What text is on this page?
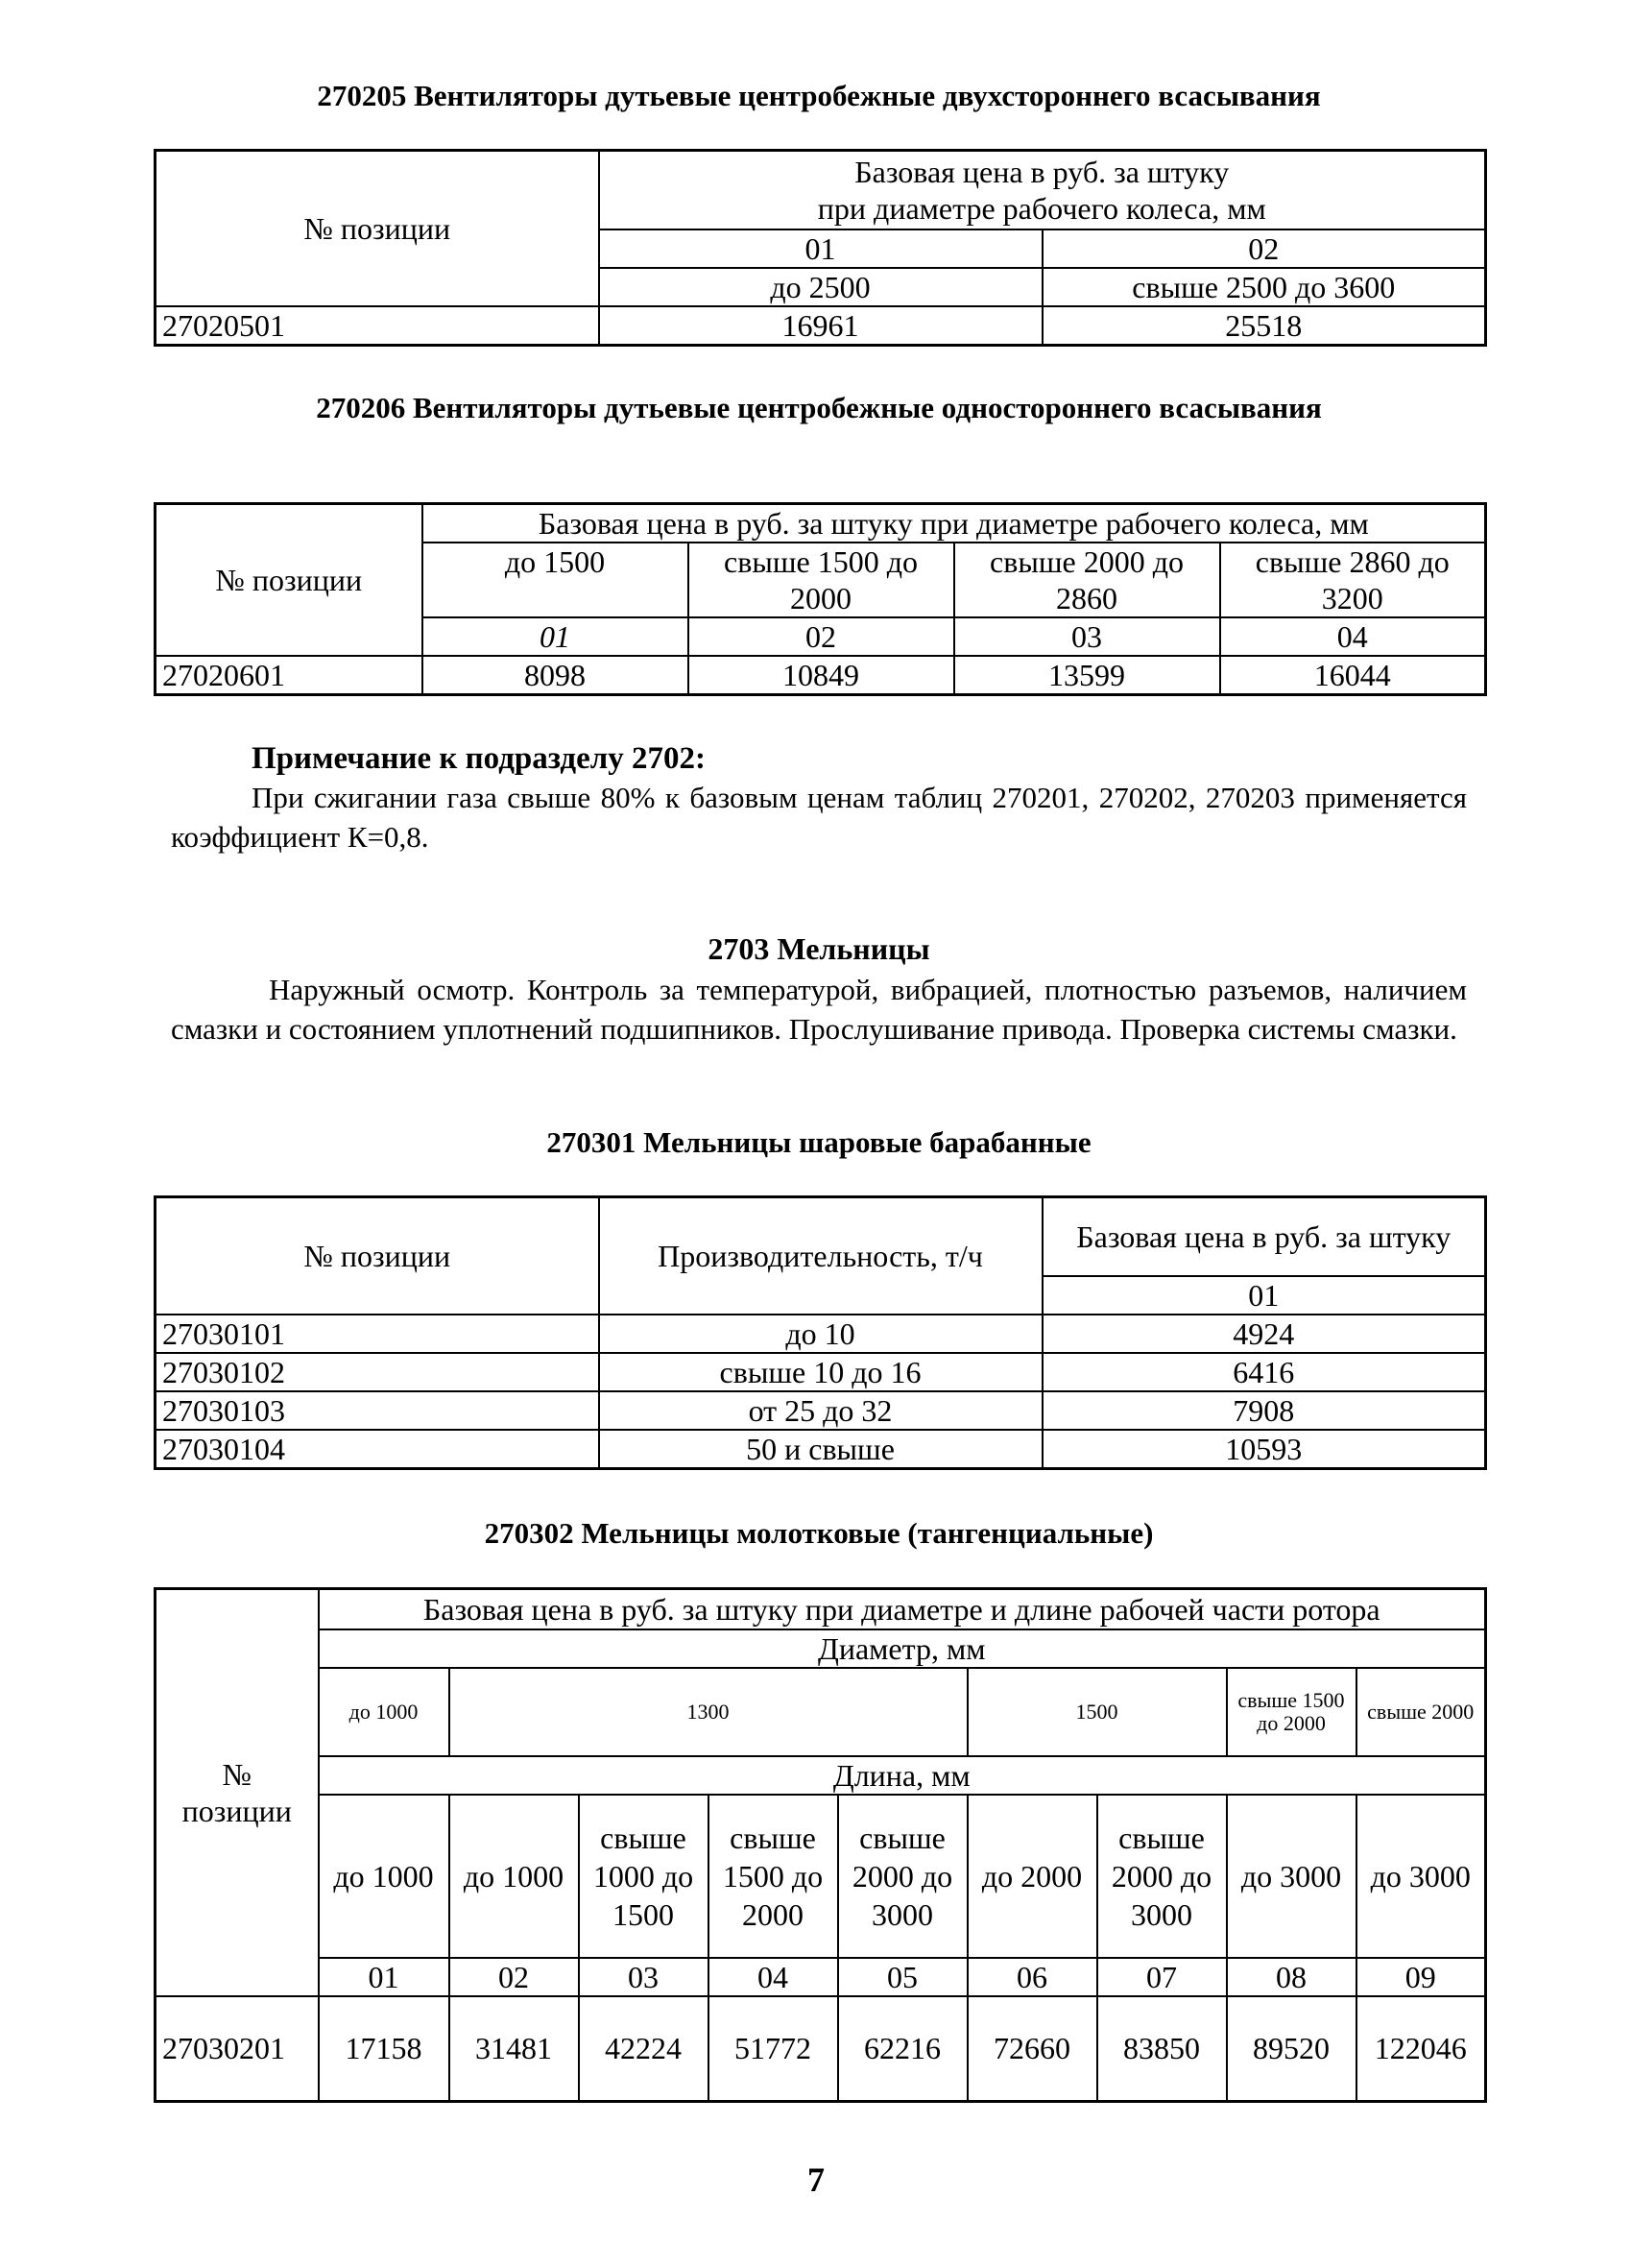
270205 Вентиляторы дутьевые центробежные двухстороннего всасывания
№ позиции	Базовая цена в руб. за штуку
при диаметре рабочего колеса, мм	
	01	02
	до 2500	свыше 2500 до 3600
27020501	16961	25518
270206 Вентиляторы дутьевые центробежные одностороннего всасывания
№ позиции	Базовая цена в руб. за штуку при диаметре рабочего колеса, мм			
	до 1500	свыше 1500 до 2000	свыше 2000 до 2860	свыше 2860 до 3200
	01	02	03	04
27020601	8098	10849	13599	16044
Примечание к подразделу 2702:
При сжигании газа свыше 80% к базовым ценам таблиц 270201, 270202, 270203 применяется коэффициент К=0,8.
2703 Мельницы
Наружный осмотр. Контроль за температурой, вибрацией, плотностью разъемов, наличием смазки и состоянием уплотнений подшипников. Прослушивание привода. Проверка системы смазки.
270301 Мельницы шаровые барабанные
№ позиции	Производительность, т/ч	Базовая цена в руб. за штуку
		01
27030101	до 10	4924
27030102	свыше 10 до 16	6416
27030103	от 25 до 32	7908
27030104	50 и свыше	10593
270302 Мельницы молотковые (тангенциальные)
№ позиции	Базовая цена в руб. за штуку при диаметре и длине рабочей части ротора								
	Диаметр, мм								
	до 1000	1300				1500		свыше 1500 до 2000	свыше 2000
	Длина, мм								
	до 1000	до 1000	свыше 1000 до 1500	свыше 1500 до 2000	свыше 2000 до 3000	до 2000	свыше 2000 до 3000	до 3000	до 3000
	01	02	03	04	05	06	07	08	09
27030201	17158	31481	42224	51772	62216	72660	83850	89520	122046
7
